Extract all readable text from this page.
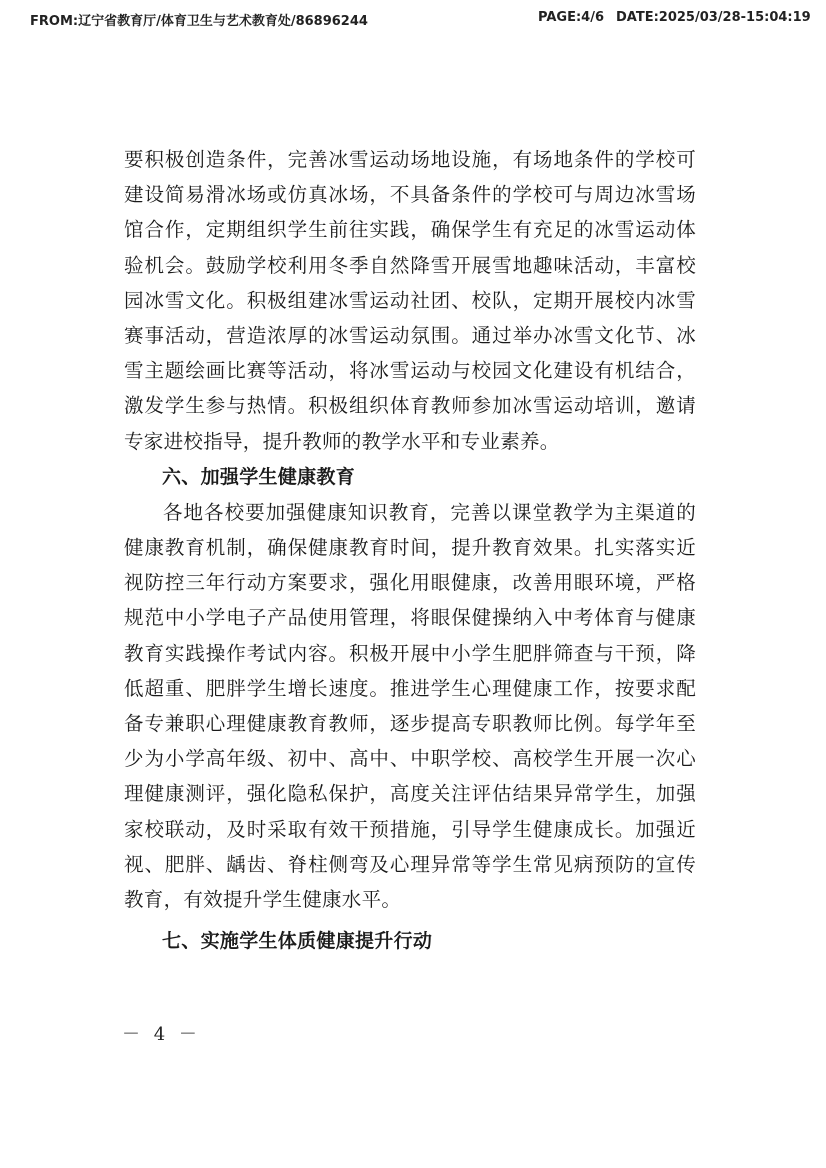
FROM:辽宁省教育厅/体育卫生与艺术教育处/86896244	PAGE:4/6 DATE:2025/03/28-15:04:19

要积极创造条件，完善冰雪运动场地设施，有场地条件的学校可建设简易滑冰场或仿真冰场，不具备条件的学校可与周边冰雪场馆合作，定期组织学生前往实践，确保学生有充足的冰雪运动体验机会。鼓励学校利用冬季自然降雪开展雪地趣味活动，丰富校园冰雪文化。积极组建冰雪运动社团、校队，定期开展校内冰雪赛事活动，营造浓厚的冰雪运动氛围。通过举办冰雪文化节、冰雪主题绘画比赛等活动，将冰雪运动与校园文化建设有机结合，激发学生参与热情。积极组织体育教师参加冰雪运动培训，邀请专家进校指导，提升教师的教学水平和专业素养。

六、加强学生健康教育

各地各校要加强健康知识教育，完善以课堂教学为主渠道的健康教育机制，确保健康教育时间，提升教育效果。扎实落实近视防控三年行动方案要求，强化用眼健康，改善用眼环境，严格规范中小学电子产品使用管理，将眼保健操纳入中考体育与健康教育实践操作考试内容。积极开展中小学生肥胖筛查与干预，降低超重、肥胖学生增长速度。推进学生心理健康工作，按要求配备专兼职心理健康教育教师，逐步提高专职教师比例。每学年至少为小学高年级、初中、高中、中职学校、高校学生开展一次心理健康测评，强化隐私保护，高度关注评估结果异常学生，加强家校联动，及时采取有效干预措施，引导学生健康成长。加强近视、肥胖、龋齿、脊柱侧弯及心理异常等学生常见病预防的宣传教育，有效提升学生健康水平。

七、实施学生体质健康提升行动

－ 4 －
